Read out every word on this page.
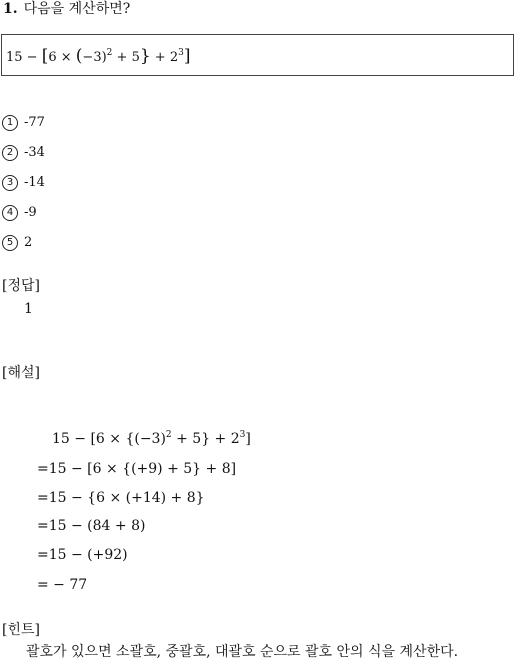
1. 다음을 계산하면?
$15 - [6 \times (-3)^2 + 5\} + 2^3$]
1 -77
2 -34
3 -14
4 -9
5 2
[정답]
1
[해설]
$15 - [6 \times \{(-3)^2 + 5\} + 2^3]$
=15 − [6 × {(+9) + 5} + 8]
=15 − {6 × (+14) + 8}
=15 − (84 + 8)
=15 − (+92)
= − 77
[힌트]
괄호가 있으면 소괄호, 중괄호, 대괄호 순으로 괄호 안의 식을 계산한다.
